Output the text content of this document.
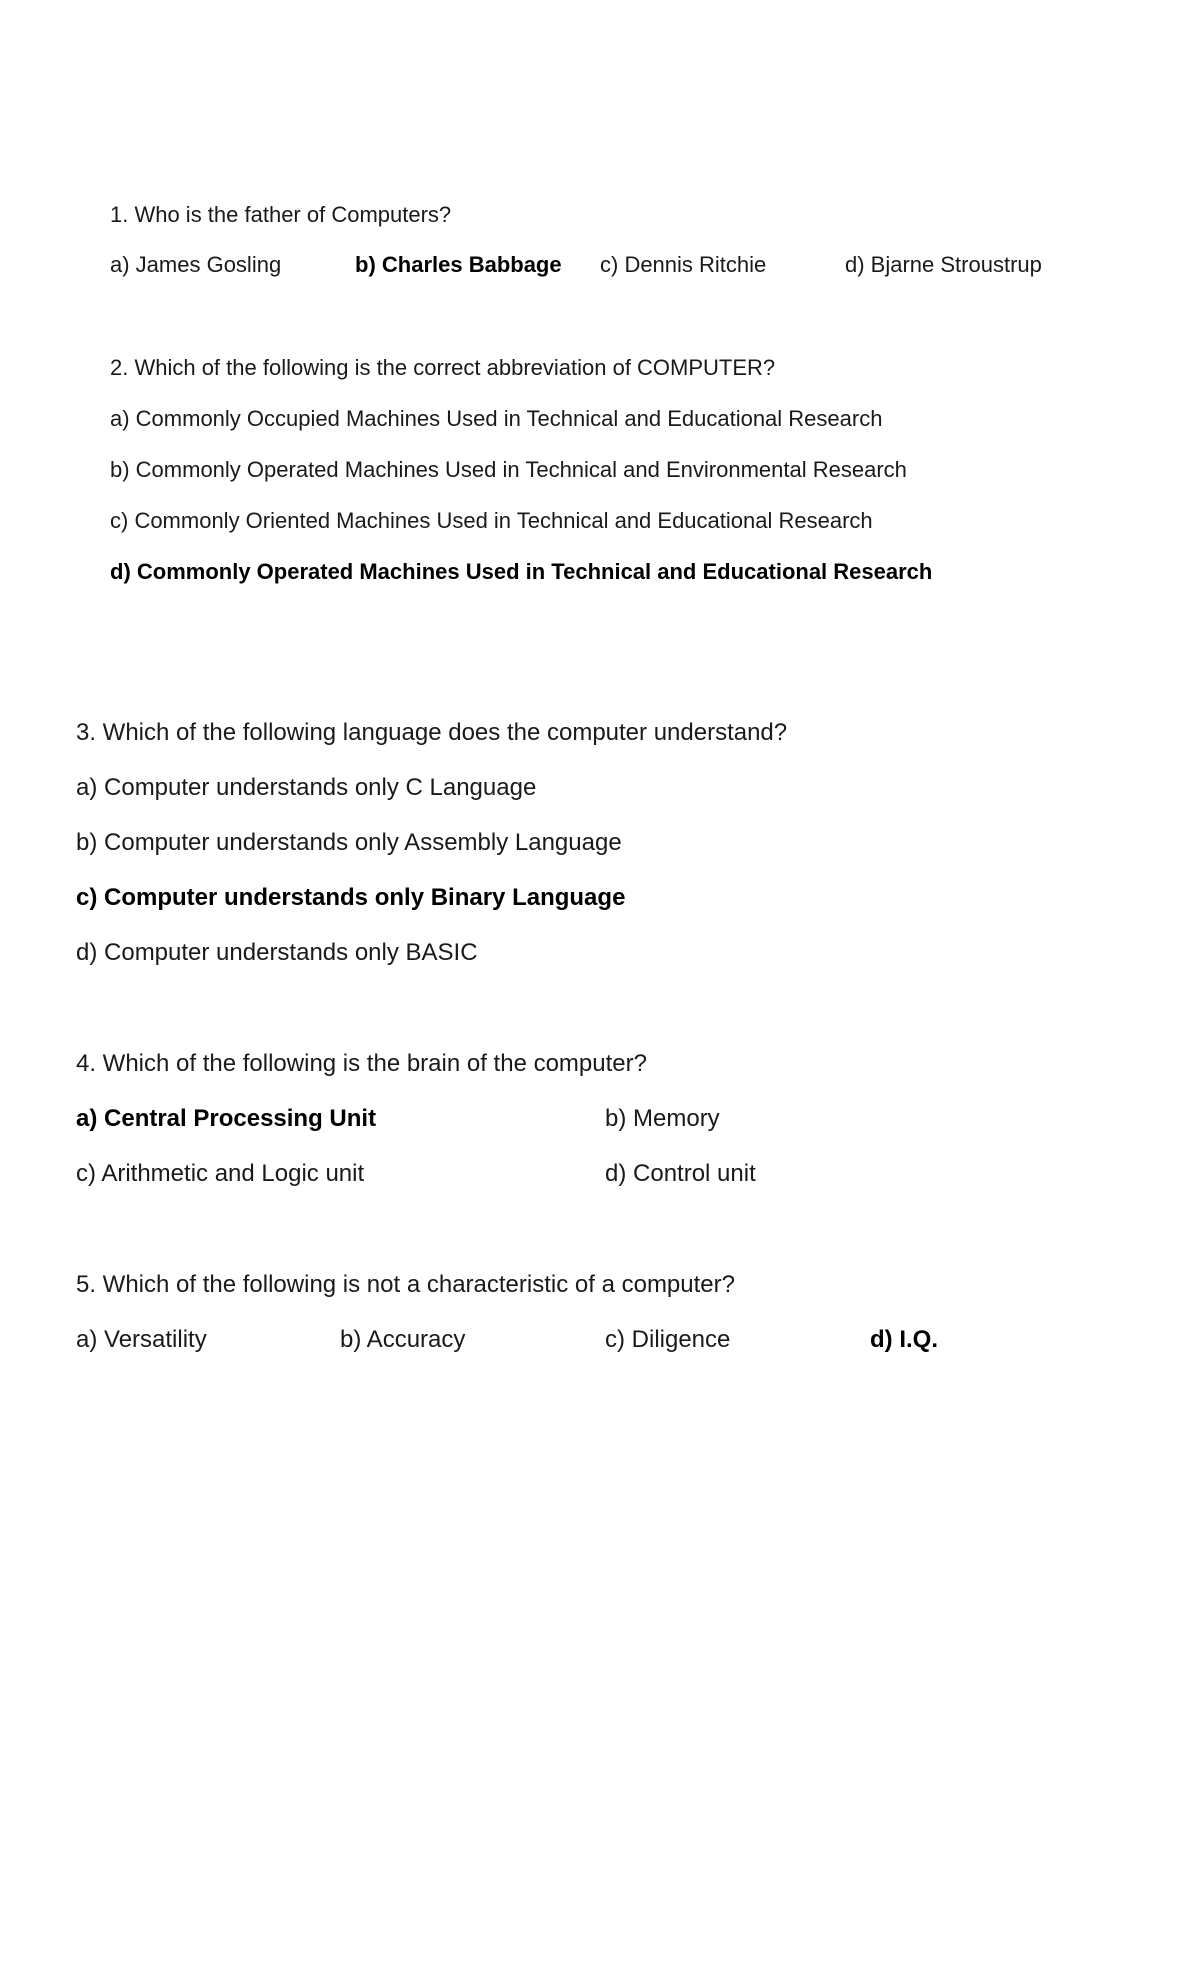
1. Who is the father of Computers?
a) James Gosling	b) Charles Babbage c) Dennis Ritchie	d) Bjarne Stroustrup
2. Which of the following is the correct abbreviation of COMPUTER?
a) Commonly Occupied Machines Used in Technical and Educational Research
b) Commonly Operated Machines Used in Technical and Environmental Research
c) Commonly Oriented Machines Used in Technical and Educational Research
d) Commonly Operated Machines Used in Technical and Educational Research
3. Which of the following language does the computer understand?
a) Computer understands only C Language
b) Computer understands only Assembly Language
c) Computer understands only Binary Language
d) Computer understands only BASIC
4. Which of the following is the brain of the computer?
a) Central Processing Unit	b) Memory
c) Arithmetic and Logic unit	d) Control unit
5. Which of the following is not a characteristic of a computer?
a) Versatility	b) Accuracy	c) Diligence	d) I.Q.
